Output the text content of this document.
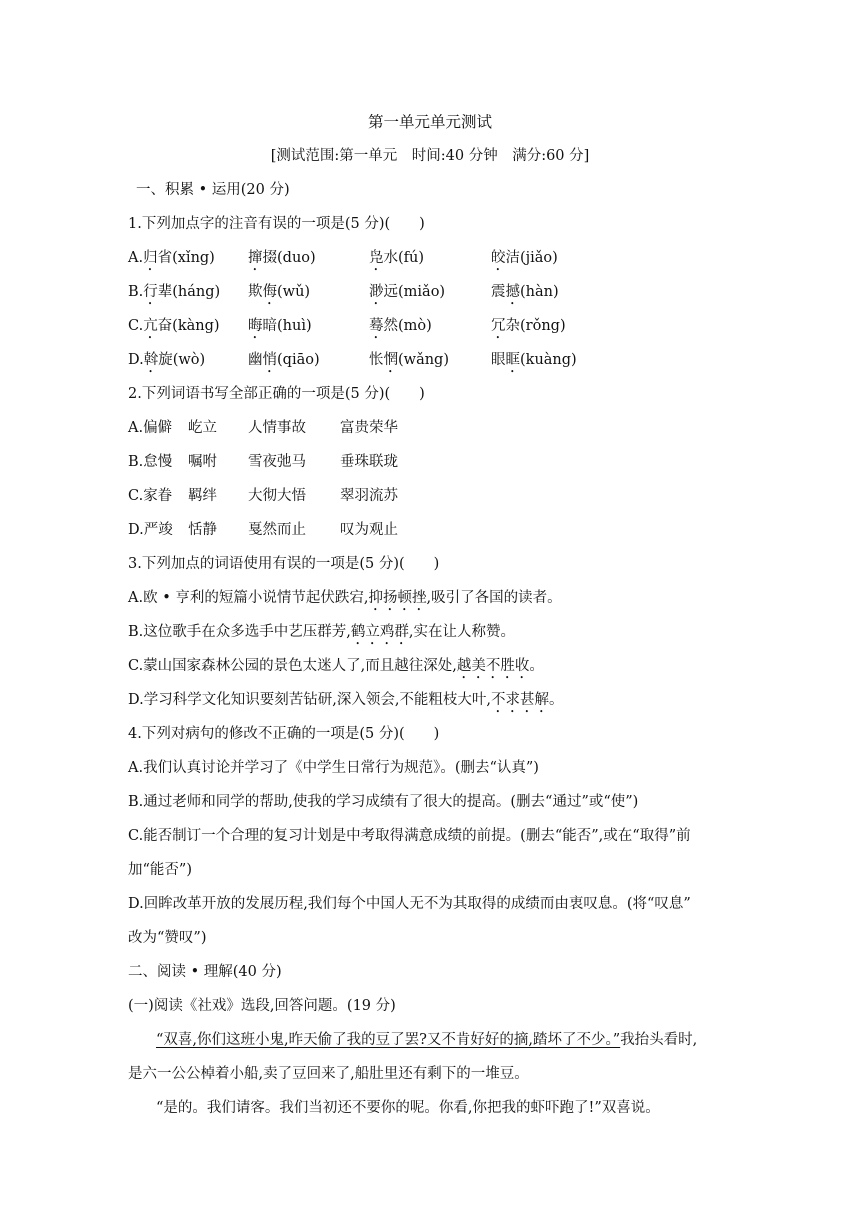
第一单元单元测试
[测试范围:第一单元　时间:40 分钟　满分:60 分]
一、积累 • 运用(20 分)
1.下列加点字的注音有误的一项是(5 分)(　　)
A.归省(xǐng) 撺掇(duo)	凫水(fú)	皎洁(jiǎo)
B.行辈(háng) 欺侮(wǔ)	渺远(miǎo)	震撼(hàn)
C.亢奋(kàng) 晦暗(huì)	蓦然(mò)	冗杂(rǒng)
D.斡旋(wò)	幽悄(qiāo)	怅惘(wǎng)	眼眶(kuàng)
2.下列词语书写全部正确的一项是(5 分)(　　)
A.偏僻 屹立 人情事故 富贵荣华
B.怠慢 嘱咐 雪夜弛马 垂珠联珑
C.家眷 羁绊 大彻大悟 翠羽流苏
D.严竣 恬静 戛然而止 叹为观止
3.下列加点的词语使用有误的一项是(5 分)(　　)
A.欧 • 亨利的短篇小说情节起伏跌宕,抑扬顿挫,吸引了各国的读者。
B.这位歌手在众多选手中艺压群芳,鹤立鸡群,实在让人称赞。
C.蒙山国家森林公园的景色太迷人了,而且越往深处,越美不胜收。
D.学习科学文化知识要刻苦钻研,深入领会,不能粗枝大叶,不求甚解。
4.下列对病句的修改不正确的一项是(5 分)(　　)
A.我们认真讨论并学习了《中学生日常行为规范》。(删去“认真”)
B.通过老师和同学的帮助,使我的学习成绩有了很大的提高。(删去“通过”或“使”)
C.能否制订一个合理的复习计划是中考取得满意成绩的前提。(删去“能否”,或在“取得”前
加“能否”)
D.回眸改革开放的发展历程,我们每个中国人无不为其取得的成绩而由衷叹息。(将“叹息”
改为“赞叹”)
二、阅读 • 理解(40 分)
(一)阅读《社戏》选段,回答问题。(19 分)
“双喜,你们这班小鬼,昨天偷了我的豆了罢?又不肯好好的摘,踏坏了不少。”我抬头看时,
是六一公公棹着小船,卖了豆回来了,船肚里还有剩下的一堆豆。
“是的。我们请客。我们当初还不要你的呢。你看,你把我的虾吓跑了!”双喜说。
